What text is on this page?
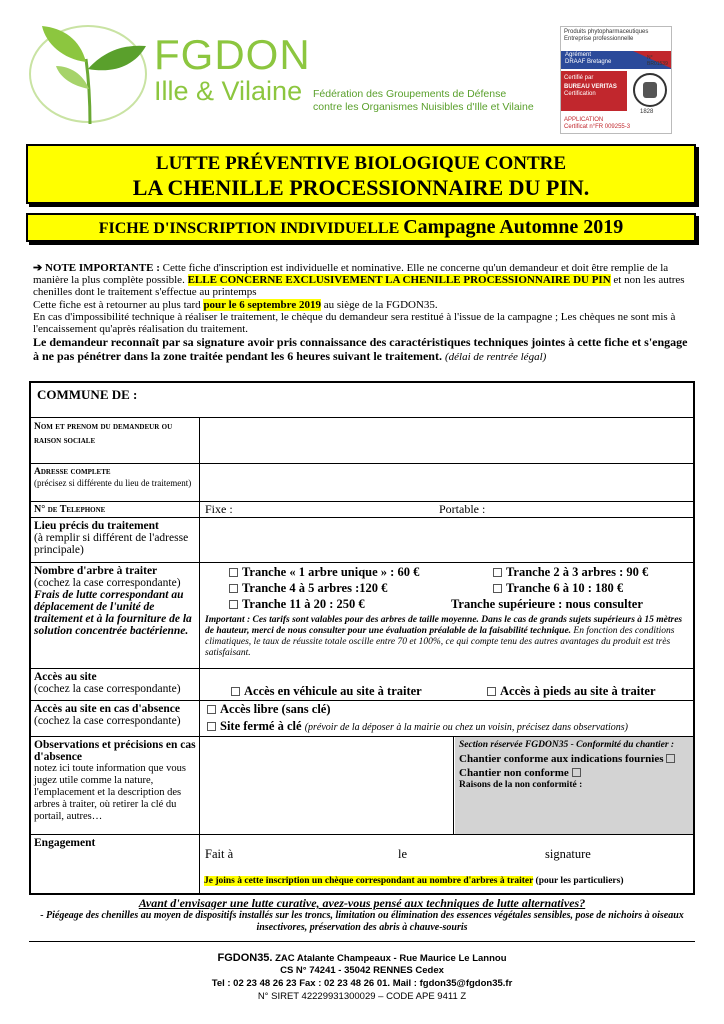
FGDON
Ille & Vilaine Fédération des Groupements de Défense
contre les Organismes Nuisibles d'Ille et Vilaine
Produits phytopharmaceutiques
Entreprise professionnelle
Agrément
DRAAF Bretagne
N° BR01539
Certifié par
BUREAU VERITAS
Certification
1828
APPLICATION
Certificat n°FR 009255-3
LUTTE PRÉVENTIVE BIOLOGIQUE CONTRE
LA CHENILLE PROCESSIONNAIRE DU PIN.
FICHE D'INSCRIPTION INDIVIDUELLE Campagne Automne 2019
➔ NOTE IMPORTANTE : Cette fiche d'inscription est individuelle et nominative. Elle ne concerne qu'un demandeur et doit être remplie de la manière la plus complète possible. ELLE CONCERNE EXCLUSIVEMENT LA CHENILLE PROCESSIONNAIRE DU PIN et non les autres chenilles dont le traitement s'effectue au printemps
Cette fiche est à retourner au plus tard pour le 6 septembre 2019 au siège de la FGDON35.
En cas d'impossibilité technique à réaliser le traitement, le chèque du demandeur sera restitué à l'issue de la campagne ; Les chèques ne sont mis à l'encaissement qu'après réalisation du traitement.
Le demandeur reconnaît par sa signature avoir pris connaissance des caractéristiques techniques jointes à cette fiche et s'engage à ne pas pénétrer dans la zone traitée pendant les 6 heures suivant le traitement. (délai de rentrée légal)
COMMUNE DE :
Nom et prenom du demandeur ou raison sociale
Adresse complete
(précisez si différente du lieu de traitement)
N° de Telephone	Fixe :	Portable :
Lieu précis du traitement
(à remplir si différent de l'adresse principale)
Nombre d'arbre à traiter
(cochez la case correspondante)
Frais de lutte correspondant au déplacement de l'unité de traitement et à la fourniture de la solution concentrée bactérienne.
Tranche « 1 arbre unique » : 60 €	Tranche 2 à 3 arbres : 90 €
Tranche 4 à 5 arbres :120 €	Tranche 6 à 10 : 180 €
Tranche 11 à 20 : 250 €	Tranche supérieure : nous consulter
Important : Ces tarifs sont valables pour des arbres de taille moyenne. Dans le cas de grands sujets supérieurs à 15 mètres de hauteur, merci de nous consulter pour une évaluation préalable de la faisabilité technique. En fonction des conditions climatiques, le taux de réussite totale oscille entre 70 et 100%, ce qui compte tenu des autres avantages du produit est très satisfaisant.
Accès au site
(cochez la case correspondante)	Accès en véhicule au site à traiter	Accès à pieds au site à traiter
Accès au site en cas d'absence
(cochez la case correspondante)
Accès libre (sans clé)
Site fermé à clé (prévoir de la déposer à la mairie ou chez un voisin, précisez dans observations)
Observations et précisions en cas d'absence
notez ici toute information que vous jugez utile comme la nature, l'emplacement et la description des arbres à traiter, où retirer la clé du portail, autres…
Section réservée FGDON35 - Conformité du chantier :
Chantier conforme aux indications fournies
Chantier non conforme
Raisons de la non conformité :
Engagement
Fait à	le	signature
Je joins à cette inscription un chèque correspondant au nombre d'arbres à traiter (pour les particuliers)
Avant d'envisager une lutte curative, avez-vous pensé aux techniques de lutte alternatives?
- Piégeage des chenilles au moyen de dispositifs installés sur les troncs, limitation ou élimination des essences végétales sensibles, pose de nichoirs à oiseaux insectivores, préservation des abris à chauve-souris
FGDON35. ZAC Atalante Champeaux - Rue Maurice Le Lannou
CS N° 74241 - 35042 RENNES Cedex
Tel : 02 23 48 26 23 Fax : 02 23 48 26 01. Mail : fgdon35@fgdon35.fr
N° SIRET 42229931300029 – CODE APE 9411 Z
